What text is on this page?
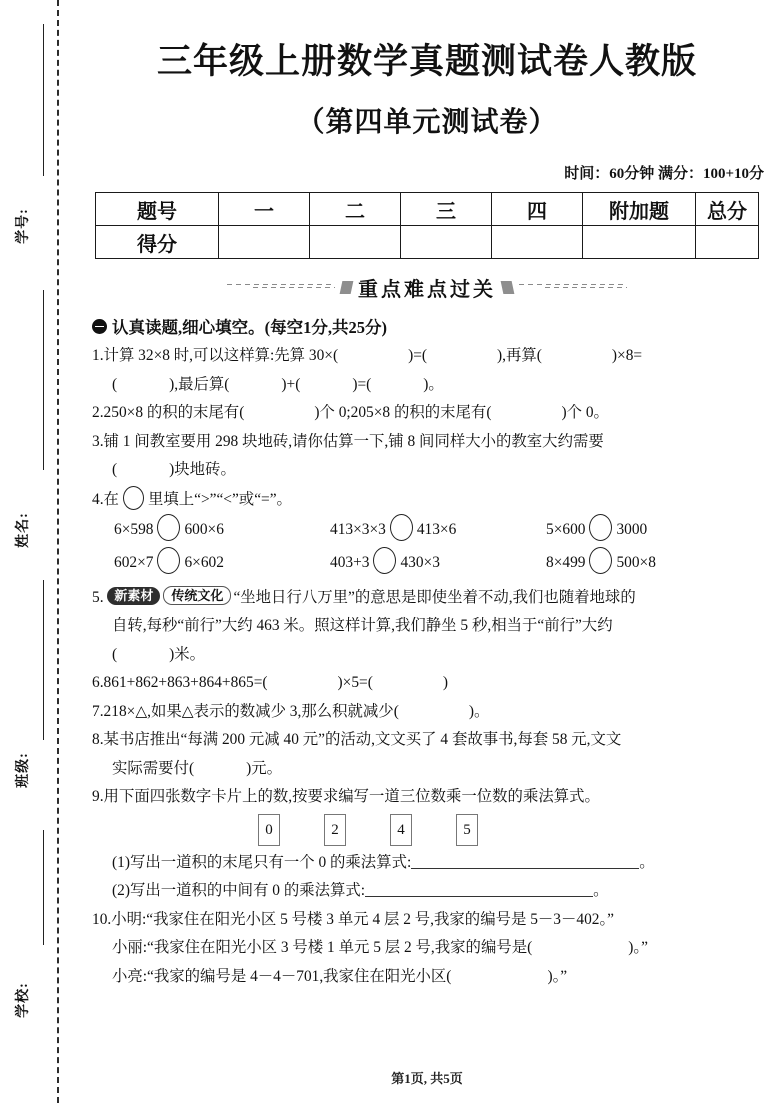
学号:
姓名:
班级:
学校:
三年级上册数学真题测试卷人教版
（第四单元测试卷）

时间：60分钟 满分：100+10分

题号	一	二	三	四	附加题	总分
得分						
重点难点过关
认真读题,细心填空。(每空1分,共25分)
1.计算 32×8 时,可以这样算:先算 30×(	)=(	),再算(	)×8=
(	),最后算(	)+(	)=(	)。
2.250×8 的积的末尾有(	)个 0;205×8 的积的末尾有(	)个 0。
3.铺 1 间教室要用 298 块地砖,请你估算一下,铺 8 间同样大小的教室大约需要
(	)块地砖。
4.在 里填上“>”“<”或“=”。
6×598 600×6	413×3×3 413×6	5×600 3000
602×7 6×602	403+3 430×3	8×499 500×8
5. 新素材 传统文化 “坐地日行八万里”的意思是即使坐着不动,我们也随着地球的
自转,每秒“前行”大约 463 米。照这样计算,我们静坐 5 秒,相当于“前行”大约
(	)米。
6.861+862+863+864+865=(	)×5=(	)
7.218×△,如果△表示的数减少 3,那么积就减少(	)。
8.某书店推出“每满 200 元减 40 元”的活动,文文买了 4 套故事书,每套 58 元,文文
实际需要付(	)元。
9.用下面四张数字卡片上的数,按要求编写一道三位数乘一位数的乘法算式。
0	2	4	5
(1)写出一道积的末尾只有一个 0 的乘法算式:	。
(2)写出一道积的中间有 0 的乘法算式:	。
10.小明:“我家住在阳光小区 5 号楼 3 单元 4 层 2 号,我家的编号是 5－3－402。”
小丽:“我家住在阳光小区 3 号楼 1 单元 5 层 2 号,我家的编号是(	)。”
小亮:“我家的编号是 4－4－701,我家住在阳光小区(	)。”
第1页, 共5页
